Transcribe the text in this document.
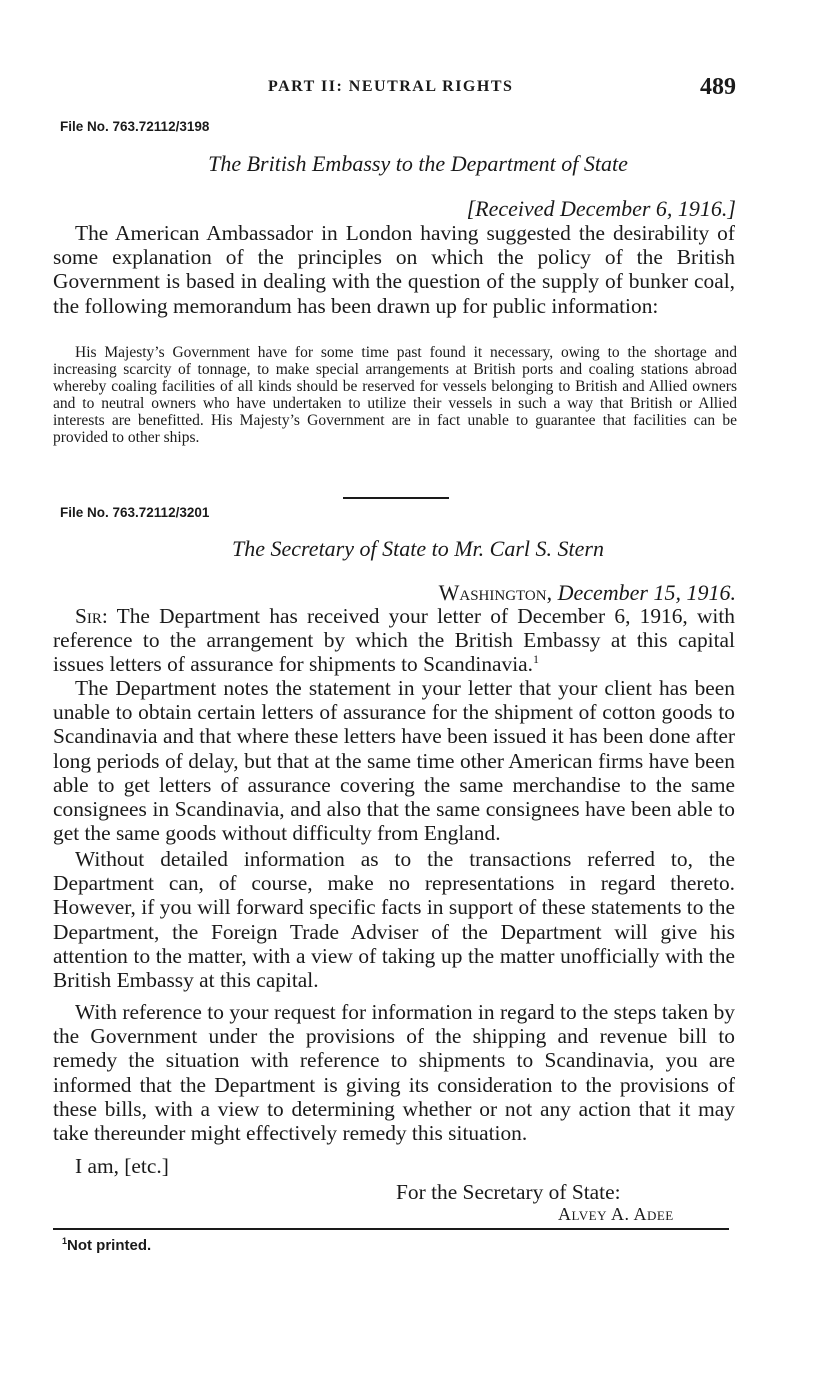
PART II: NEUTRAL RIGHTS	489
File No. 763.72112/3198
The British Embassy to the Department of State
[Received December 6, 1916.]

The American Ambassador in London having suggested the desirability of some explanation of the principles on which the policy of the British Government is based in dealing with the question of the supply of bunker coal, the following memorandum has been drawn up for public information:

His Majesty’s Government have for some time past found it necessary, owing to the shortage and increasing scarcity of tonnage, to make special arrangements at British ports and coaling stations abroad whereby coaling facilities of all kinds should be reserved for vessels belonging to British and Allied owners and to neutral owners who have undertaken to utilize their vessels in such a way that British or Allied interests are benefitted. His Majesty’s Government are in fact unable to guarantee that facilities can be provided to other ships.

File No. 763.72112/3201
The Secretary of State to Mr. Carl S. Stern
Washington, December 15, 1916.

Sir: The Department has received your letter of December 6, 1916, with reference to the arrangement by which the British Embassy at this capital issues letters of assurance for shipments to Scandinavia.$^1$

The Department notes the statement in your letter that your client has been unable to obtain certain letters of assurance for the shipment of cotton goods to Scandinavia and that where these letters have been issued it has been done after long periods of delay, but that at the same time other American firms have been able to get letters of assurance covering the same merchandise to the same consignees in Scandinavia, and also that the same consignees have been able to get the same goods without difficulty from England.

Without detailed information as to the transactions referred to, the Department can, of course, make no representations in regard thereto. However, if you will forward specific facts in support of these statements to the Department, the Foreign Trade Adviser of the Department will give his attention to the matter, with a view of taking up the matter unofficially with the British Embassy at this capital.

With reference to your request for information in regard to the steps taken by the Government under the provisions of the shipping and revenue bill to remedy the situation with reference to shipments to Scandinavia, you are informed that the Department is giving its consideration to the provisions of these bills, with a view to determining whether or not any action that it may take thereunder might effectively remedy this situation.

I am, [etc.]
For the Secretary of State:
Alvey A. Adee
$^1$Not printed.
